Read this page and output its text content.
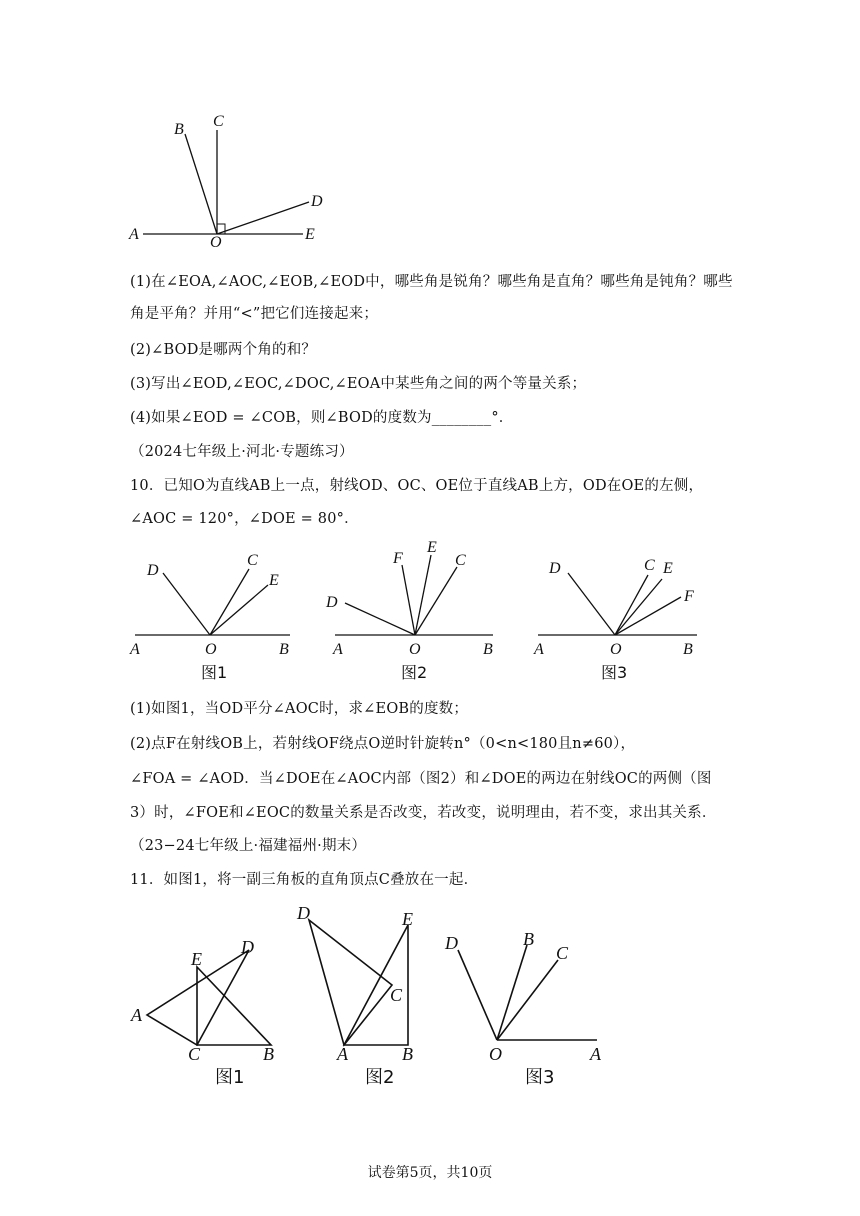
B C
D
A	O	E
(1)在∠EOA,∠AOC,∠EOB,∠EOD中，哪些角是锐角？哪些角是直角？哪些角是钝角？哪些
角是平角？并用“<”把它们连接起来；
(2)∠BOD是哪两个角的和？
(3)写出∠EOD,∠EOC,∠DOC,∠EOA中某些角之间的两个等量关系；
(4)如果∠EOD = ∠COB，则∠BOD的度数为________°．
（2024七年级上·河北·专题练习）
10．已知O为直线AB上一点，射线OD、OC、OE位于直线AB上方，OD在OE的左侧，
∠AOC = 120°，∠DOE = 80°．
D
C
E
A	O	B
图1
F
E
C
D
A	O	B
图2
D	C E
F
A	O	B
图3
(1)如图1，当OD平分∠AOC时，求∠EOB的度数；
(2)点F在射线OB上，若射线OF绕点O逆时针旋转n°（0<n<180且n≠60），
∠FOA = ∠AOD．当∠DOE在∠AOC内部（图2）和∠DOE的两边在射线OC的两侧（图
3）时，∠FOE和∠EOC的数量关系是否改变，若改变，说明理由，若不变，求出其关系．
（23−24七年级上·福建福州·期末）
11．如图1，将一副三角板的直角顶点C叠放在一起．
E
D
A
C	B
图1
D	E
C
A	B
图2
D	B
C
O	A
图3
试卷第5页，共10页
